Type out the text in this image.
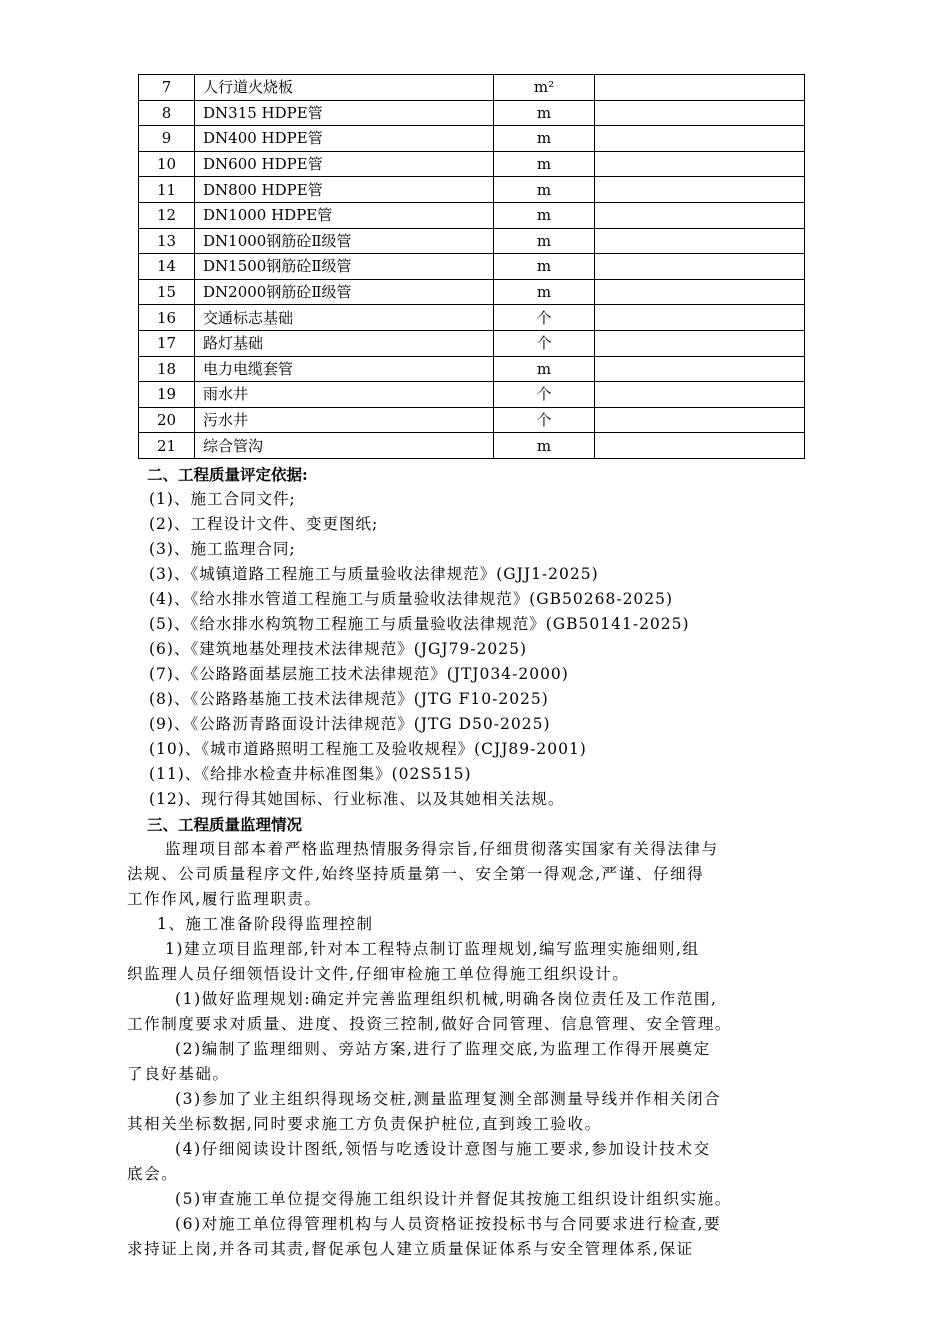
7	人行道火烧板	m²	
8	DN315 HDPE管	m	
9	DN400 HDPE管	m	
10	DN600 HDPE管	m	
11	DN800 HDPE管	m	
12	DN1000 HDPE管	m	
13	DN1000钢筋砼Ⅱ级管	m	
14	DN1500钢筋砼Ⅱ级管	m	
15	DN2000钢筋砼Ⅱ级管	m	
16	交通标志基础	个	
17	路灯基础	个	
18	电力电缆套管	m	
19	雨水井	个	
20	污水井	个	
21	综合管沟	m	
二、工程质量评定依据:
(1)、施工合同文件;
(2)、工程设计文件、变更图纸;
(3)、施工监理合同;
(3)、《城镇道路工程施工与质量验收法律规范》(GJJ1-2025)
(4)、《给水排水管道工程施工与质量验收法律规范》(GB50268-2025)
(5)、《给水排水构筑物工程施工与质量验收法律规范》(GB50141-2025)
(6)、《建筑地基处理技术法律规范》(JGJ79-2025)
(7)、《公路路面基层施工技术法律规范》(JTJ034-2000)
(8)、《公路路基施工技术法律规范》(JTG F10-2025)
(9)、《公路沥青路面设计法律规范》(JTG D50-2025)
(10)、《城市道路照明工程施工及验收规程》(CJJ89-2001)
(11)、《给排水检查井标准图集》(02S515)
(12)、现行得其她国标、行业标准、以及其她相关法规。
三、工程质量监理情况
监理项目部本着严格监理热情服务得宗旨,仔细贯彻落实国家有关得法律与
法规、公司质量程序文件,始终坚持质量第一、安全第一得观念,严谨、仔细得
工作作风,履行监理职责。
1、施工准备阶段得监理控制
1)建立项目监理部,针对本工程特点制订监理规划,编写监理实施细则,组
织监理人员仔细领悟设计文件,仔细审检施工单位得施工组织设计。
(1)做好监理规划:确定并完善监理组织机械,明确各岗位责任及工作范围,
工作制度要求对质量、进度、投资三控制,做好合同管理、信息管理、安全管理。
(2)编制了监理细则、旁站方案,进行了监理交底,为监理工作得开展奠定
了良好基础。
(3)参加了业主组织得现场交桩,测量监理复测全部测量导线并作相关闭合
其相关坐标数据,同时要求施工方负责保护桩位,直到竣工验收。
(4)仔细阅读设计图纸,领悟与吃透设计意图与施工要求,参加设计技术交
底会。
(5)审查施工单位提交得施工组织设计并督促其按施工组织设计组织实施。
(6)对施工单位得管理机构与人员资格证按投标书与合同要求进行检查,要
求持证上岗,并各司其责,督促承包人建立质量保证体系与安全管理体系,保证
